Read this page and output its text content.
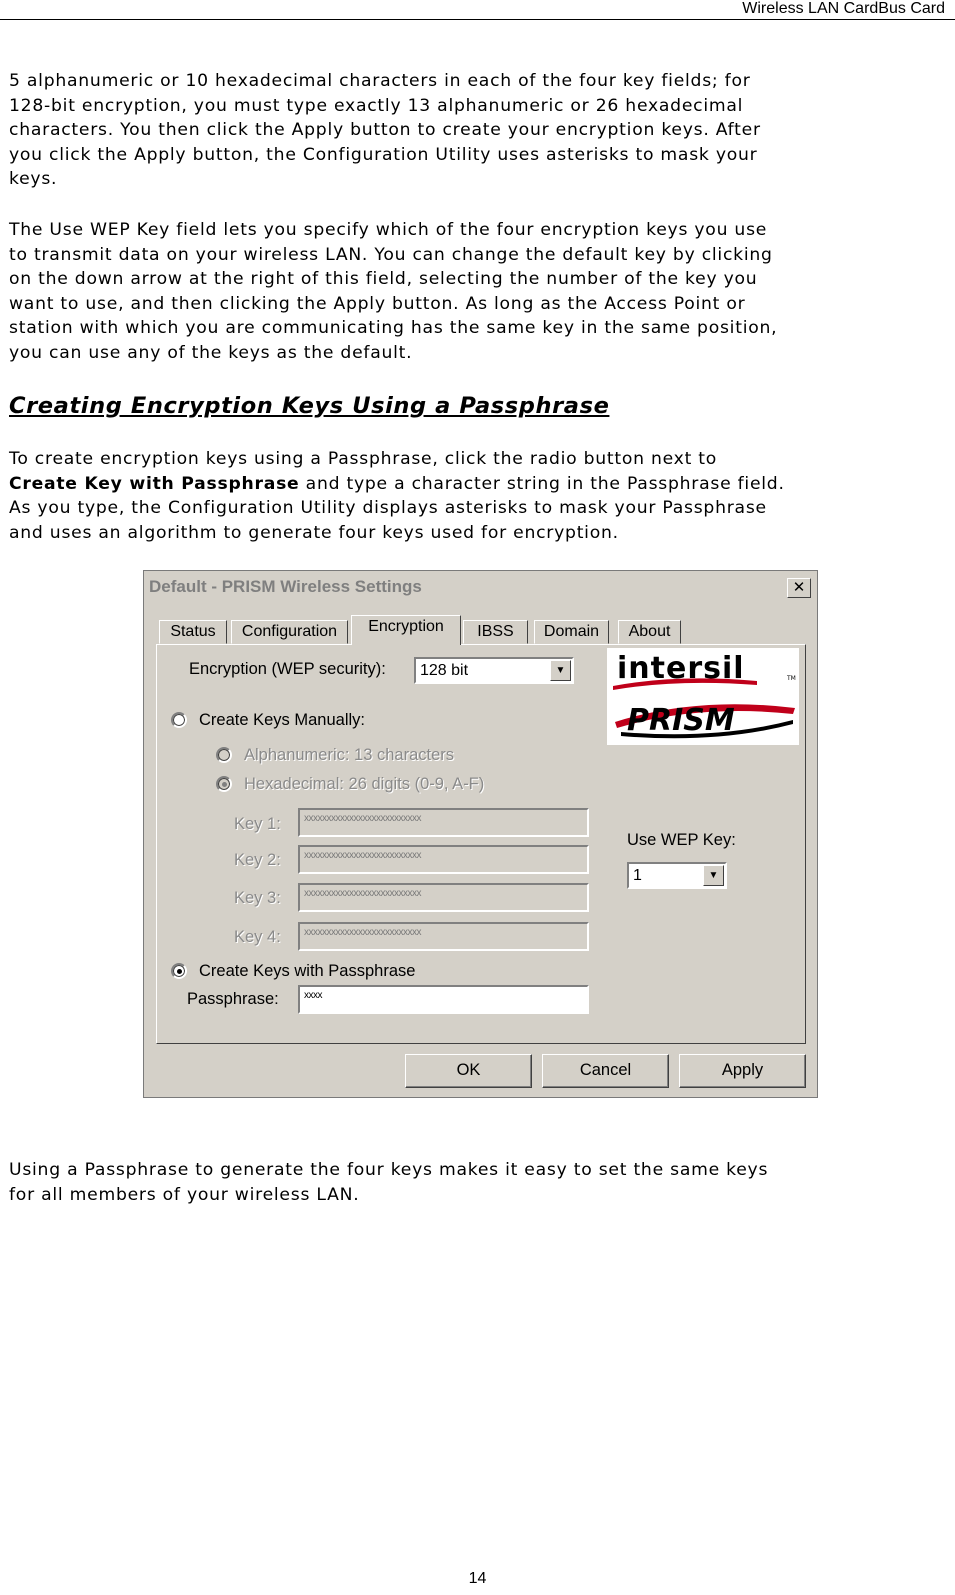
Wireless LAN CardBus Card
5 alphanumeric or 10 hexadecimal characters in each of the four key fields; for
128-bit encryption, you must type exactly 13 alphanumeric or 26 hexadecimal
characters. You then click the Apply button to create your encryption keys. After
you click the Apply button, the Configuration Utility uses asterisks to mask your
keys.
The Use WEP Key field lets you specify which of the four encryption keys you use
to transmit data on your wireless LAN. You can change the default key by clicking
on the down arrow at the right of this field, selecting the number of the key you
want to use, and then clicking the Apply button. As long as the Access Point or
station with which you are communicating has the same key in the same position,
you can use any of the keys as the default.
Creating Encryption Keys Using a Passphrase
To create encryption keys using a Passphrase, click the radio button next to
Create Key with Passphrase and type a character string in the Passphrase field.
As you type, the Configuration Utility displays asterisks to mask your Passphrase
and uses an algorithm to generate four keys used for encryption.
Default - PRISM Wireless Settings	✕
Status	Configuration	Encryption	IBSS	Domain	About
Encryption (WEP security): 128 bit	▼
Create Keys Manually:
Alphanumeric: 13 characters
Hexadecimal: 26 digits (0-9, A-F)
Key 1:	xxxxxxxxxxxxxxxxxxxxxxxxxx
Key 2:	xxxxxxxxxxxxxxxxxxxxxxxxxx
Key 3:	xxxxxxxxxxxxxxxxxxxxxxxxxx
Key 4:	xxxxxxxxxxxxxxxxxxxxxxxxxx
Use WEP Key:
1	▼
Create Keys with Passphrase
Passphrase:	xxxx
intersil	TM
PRISM
OK	Cancel	Apply
Using a Passphrase to generate the four keys makes it easy to set the same keys
for all members of your wireless LAN.
14
